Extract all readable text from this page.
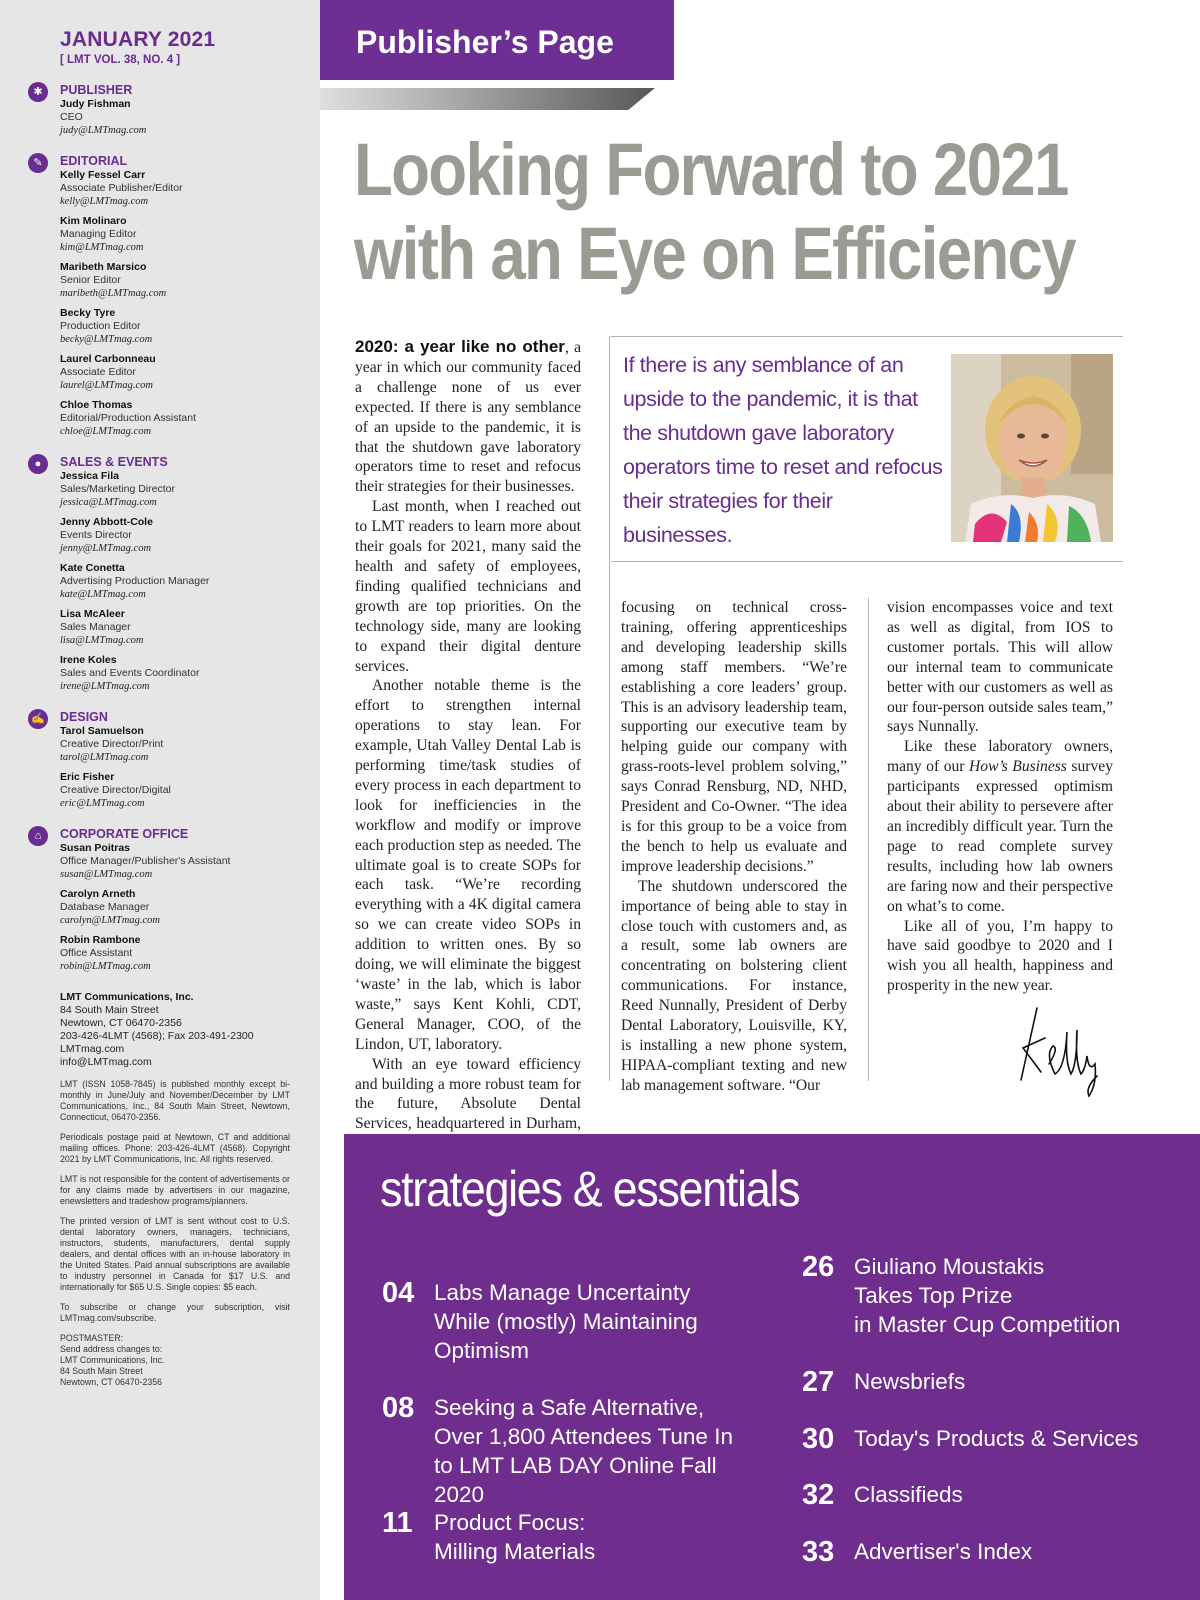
JANUARY 2021
[ LMT VOL. 38, NO. 4 ]
✱	PUBLISHER
Judy Fishman
CEO
judy@LMTmag.com
✎	EDITORIAL
Kelly Fessel Carr
Associate Publisher/Editor
kelly@LMTmag.com
Kim Molinaro
Managing Editor
kim@LMTmag.com
Maribeth Marsico
Senior Editor
maribeth@LMTmag.com
Becky Tyre
Production Editor
becky@LMTmag.com
Laurel Carbonneau
Associate Editor
laurel@LMTmag.com
Chloe Thomas
Editorial/Production Assistant
chloe@LMTmag.com
●	SALES & EVENTS
Jessica Fila
Sales/Marketing Director
jessica@LMTmag.com
Jenny Abbott-Cole
Events Director
jenny@LMTmag.com
Kate Conetta
Advertising Production Manager
kate@LMTmag.com
Lisa McAleer
Sales Manager
lisa@LMTmag.com
Irene Koles
Sales and Events Coordinator
irene@LMTmag.com
✍ DESIGN
Tarol Samuelson
Creative Director/Print
tarol@LMTmag.com
Eric Fisher
Creative Director/Digital
eric@LMTmag.com
⌂	CORPORATE OFFICE
Susan Poitras
Office Manager/Publisher's Assistant
susan@LMTmag.com
Carolyn Arneth
Database Manager
carolyn@LMTmag.com
Robin Rambone
Office Assistant
robin@LMTmag.com
LMT Communications, Inc.
84 South Main Street
Newtown, CT 06470-2356
203-426-4LMT (4568); Fax 203-491-2300
LMTmag.com
info@LMTmag.com

LMT (ISSN 1058-7845) is published monthly except bi-monthly in June/July and November/December by LMT Communications, Inc., 84 South Main Street, Newtown, Connecticut, 06470-2356.

Periodicals postage paid at Newtown, CT and additional mailing offices. Phone: 203-426-4LMT (4568). Copyright 2021 by LMT Communications, Inc. All rights reserved.

LMT is not responsible for the content of advertisements or for any claims made by advertisers in our magazine, enewsletters and tradeshow programs/planners.

The printed version of LMT is sent without cost to U.S. dental laboratory owners, managers, technicians, instructors, students, manufacturers, dental supply dealers, and dental offices with an in-house laboratory in the United States. Paid annual subscriptions are available to industry personnel in Canada for $17 U.S. and internationally for $65 U.S. Single copies: $5 each.

To subscribe or change your subscription, visit LMTmag.com/subscribe.

POSTMASTER:
Send address changes to:
LMT Communications, Inc.
84 South Main Street
Newtown, CT 06470-2356
Publisher’s Page
Looking Forward to 2021
with an Eye on Efficiency

2020: a year like no other, a year in which our community faced a challenge none of us ever expected. If there is any semblance of an upside to the pandemic, it is that the shutdown gave laboratory operators time to reset and refocus their strategies for their businesses.

Last month, when I reached out to LMT readers to learn more about their goals for 2021, many said the health and safety of employees, finding qualified technicians and growth are top priorities. On the technology side, many are looking to expand their digital denture services.

Another notable theme is the effort to strengthen internal operations to stay lean. For example, Utah Valley Dental Lab is performing time/task studies of every process in each department to look for inefficiencies in the workflow and modify or improve each production step as needed. The ultimate goal is to create SOPs for each task. “We’re recording everything with a 4K digital camera so we can create video SOPs in addition to written ones. By so doing, we will eliminate the biggest ‘waste’ in the lab, which is labor waste,” says Kent Kohli, CDT, General Manager, COO, of the Lindon, UT, laboratory.

With an eye toward efficiency and building a more robust team for the future, Absolute Dental Services, headquartered in Durham,

focusing on technical cross-training, offering apprenticeships and developing leadership skills among staff members. “We’re establishing a core leaders’ group. This is an advisory leadership team, supporting our executive team by helping guide our company with grass-roots-level problem solving,” says Conrad Rensburg, ND, NHD, President and Co-Owner. “The idea is for this group to be a voice from the bench to help us evaluate and improve leadership decisions.”

The shutdown underscored the importance of being able to stay in close touch with customers and, as a result, some lab owners are concentrating on bolstering client communications. For instance, Reed Nunnally, President of Derby Dental Laboratory, Louisville, KY, is installing a new phone system, HIPAA-compliant texting and new lab management software. “Our

vision encompasses voice and text as well as digital, from IOS to customer portals. This will allow our internal team to communicate better with our customers as well as our four-person outside sales team,” says Nunnally.

Like these laboratory owners, many of our How’s Business survey participants expressed optimism about their ability to persevere after an incredibly difficult year. Turn the page to read complete survey results, including how lab owners are faring now and their perspective on what’s to come.

Like all of you, I’m happy to have said goodbye to 2020 and I wish you all health, happiness and prosperity in the new year.

If there is any semblance of an upside to the pandemic, it is that the shutdown gave laboratory operators time to reset and refocus their strategies for their businesses.
strategies & essentials
04 Labs Manage Uncertainty
While (mostly) Maintaining
Optimism
08 Seeking a Safe Alternative,
Over 1,800 Attendees Tune In
to LMT LAB DAY Online Fall 2020
11 Product Focus:
Milling Materials
26 Giuliano Moustakis
Takes Top Prize
in Master Cup Competition
27 Newsbriefs
30 Today's Products & Services
32 Classifieds
33 Advertiser's Index
